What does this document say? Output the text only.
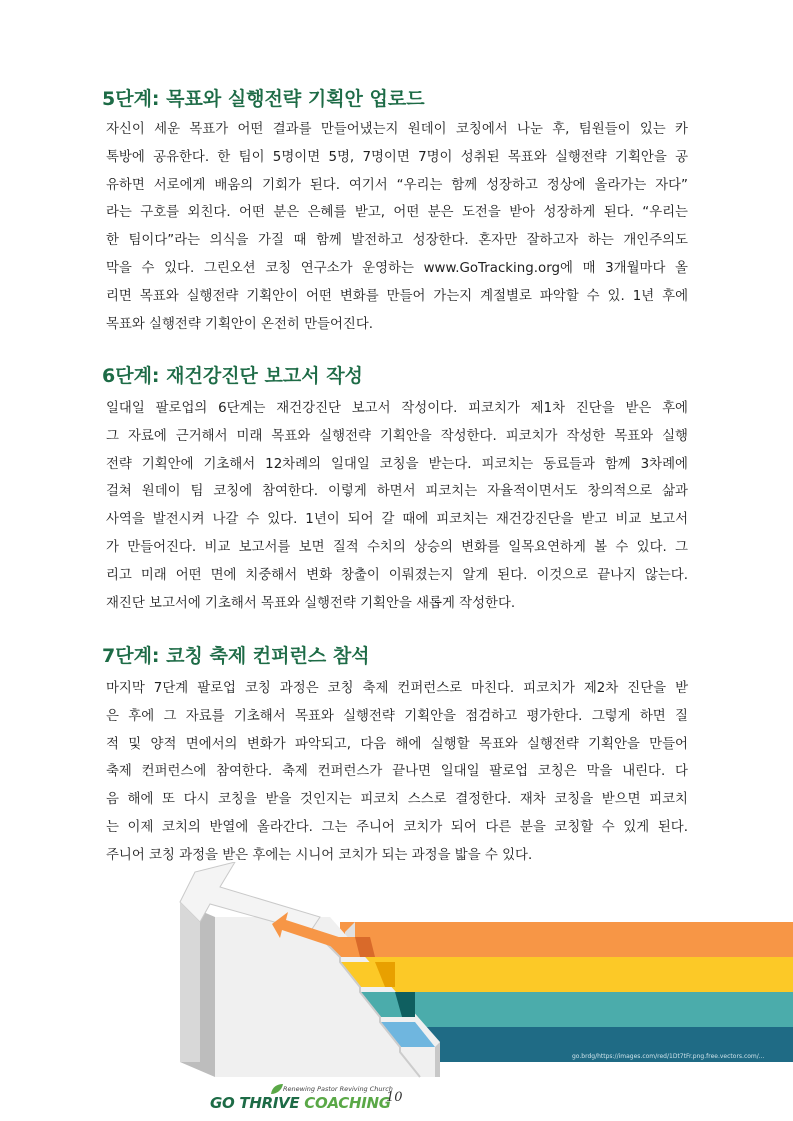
5단계: 목표와 실행전략 기획안 업로드
자신이 세운 목표가 어떤 결과를 만들어냈는지 원데이 코칭에서 나눈 후, 팀원들이 있는 카
톡방에 공유한다. 한 팀이 5명이면 5명, 7명이면 7명이 성취된 목표와 실행전략 기획안을 공
유하면 서로에게 배움의 기회가 된다. 여기서 “우리는 함께 성장하고 정상에 올라가는 자다”
라는 구호를 외친다. 어떤 분은 은혜를 받고, 어떤 분은 도전을 받아 성장하게 된다. “우리는
한 팀이다”라는 의식을 가질 때 함께 발전하고 성장한다. 혼자만 잘하고자 하는 개인주의도
막을 수 있다. 그린오션 코칭 연구소가 운영하는 www.GoTracking.org에 매 3개월마다 올
리면 목표와 실행전략 기획안이 어떤 변화를 만들어 가는지 계절별로 파악할 수 있. 1년 후에
목표와 실행전략 기획안이 온전히 만들어진다.
6단계: 재건강진단 보고서 작성
일대일 팔로업의 6단계는 재건강진단 보고서 작성이다. 피코치가 제1차 진단을 받은 후에
그 자료에 근거해서 미래 목표와 실행전략 기획안을 작성한다. 피코치가 작성한 목표와 실행
전략 기획안에 기초해서 12차례의 일대일 코칭을 받는다. 피코치는 동료들과 함께 3차례에
걸쳐 원데이 팀 코칭에 참여한다. 이렇게 하면서 피코치는 자율적이면서도 창의적으로 삶과
사역을 발전시켜 나갈 수 있다. 1년이 되어 갈 때에 피코치는 재건강진단을 받고 비교 보고서
가 만들어진다. 비교 보고서를 보면 질적 수치의 상승의 변화를 일목요연하게 볼 수 있다. 그
리고 미래 어떤 면에 치중해서 변화 창출이 이뤄졌는지 알게 된다. 이것으로 끝나지 않는다.
재진단 보고서에 기초해서 목표와 실행전략 기획안을 새롭게 작성한다.
7단계: 코칭 축제 컨퍼런스 참석
마지막 7단계 팔로업 코칭 과정은 코칭 축제 컨퍼런스로 마친다. 피코치가 제2차 진단을 받
은 후에 그 자료를 기초해서 목표와 실행전략 기획안을 점검하고 평가한다. 그렇게 하면 질
적 및 양적 면에서의 변화가 파악되고, 다음 해에 실행할 목표와 실행전략 기획안을 만들어
축제 컨퍼런스에 참여한다. 축제 컨퍼런스가 끝나면 일대일 팔로업 코칭은 막을 내린다. 다
음 해에 또 다시 코칭을 받을 것인지는 피코치 스스로 결정한다. 재차 코칭을 받으면 피코치
는 이제 코치의 반열에 올라간다. 그는 주니어 코치가 되어 다른 분을 코칭할 수 있게 된다.
주니어 코칭 과정을 받은 후에는 시니어 코치가 되는 과정을 밟을 수 있다.
go.brdg/https://images.com/red/1Dt7tFr.png.free.vectors.com/...
Renewing Pastor Reviving Church
GO THRIVE COACHING
10
